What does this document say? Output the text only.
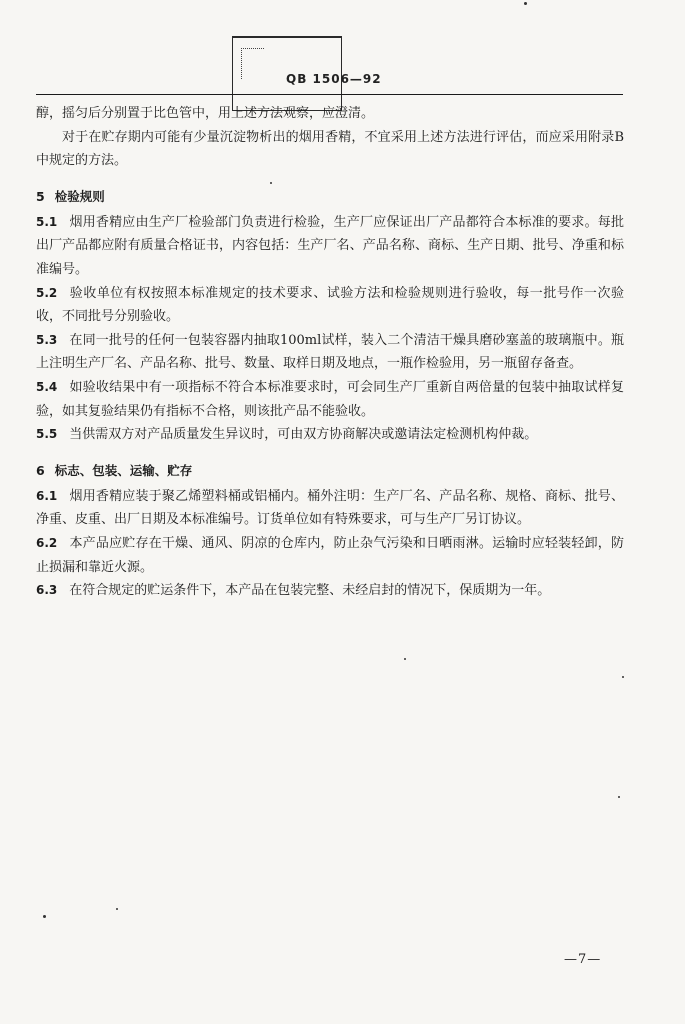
QB 1506—92

醇，摇匀后分别置于比色管中，用上述方法观察，应澄清。

对于在贮存期内可能有少量沉淀物析出的烟用香精，不宜采用上述方法进行评估，而应采用附录B中规定的方法。

5 检验规则

5.1 烟用香精应由生产厂检验部门负责进行检验，生产厂应保证出厂产品都符合本标准的要求。每批出厂产品都应附有质量合格证书，内容包括：生产厂名、产品名称、商标、生产日期、批号、净重和标准编号。

5.2 验收单位有权按照本标准规定的技术要求、试验方法和检验规则进行验收，每一批号作一次验收，不同批号分别验收。

5.3 在同一批号的任何一包装容器内抽取100ml试样，装入二个清洁干燥具磨砂塞盖的玻璃瓶中。瓶上注明生产厂名、产品名称、批号、数量、取样日期及地点，一瓶作检验用，另一瓶留存备查。

5.4 如验收结果中有一项指标不符合本标准要求时，可会同生产厂重新自两倍量的包装中抽取试样复验，如其复验结果仍有指标不合格，则该批产品不能验收。

5.5 当供需双方对产品质量发生异议时，可由双方协商解决或邀请法定检测机构仲裁。

6 标志、包装、运输、贮存

6.1 烟用香精应装于聚乙烯塑料桶或铝桶内。桶外注明：生产厂名、产品名称、规格、商标、批号、净重、皮重、出厂日期及本标准编号。订货单位如有特殊要求，可与生产厂另订协议。

6.2 本产品应贮存在干燥、通风、阴凉的仓库内，防止杂气污染和日晒雨淋。运输时应轻装轻卸，防止损漏和靠近火源。

6.3 在符合规定的贮运条件下，本产品在包装完整、未经启封的情况下，保质期为一年。

—7—
